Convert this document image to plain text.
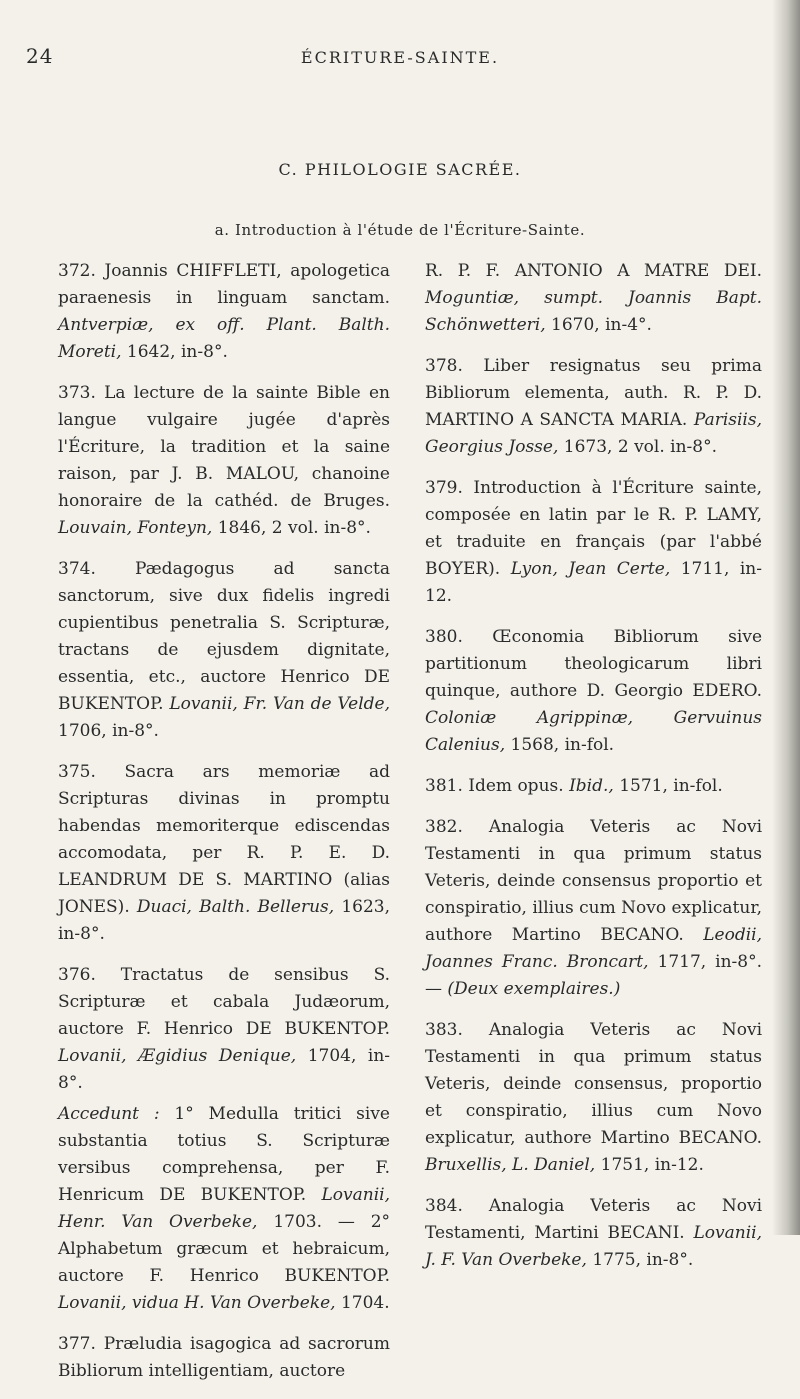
24	ÉCRITURE-SAINTE.
C. PHILOLOGIE SACRÉE.
a. Introduction à l'étude de l'Écriture-Sainte.

372. Joannis CHIFFLETI, apologetica paraenesis in linguam sanctam. Antverpiæ, ex off. Plant. Balth. Moreti, 1642, in-8°.

373. La lecture de la sainte Bible en langue vulgaire jugée d'après l'Écriture, la tradition et la saine raison, par J. B. MALOU, chanoine honoraire de la cathéd. de Bruges. Louvain, Fonteyn, 1846, 2 vol. in-8°.

374. Pædagogus ad sancta sanctorum, sive dux fidelis ingredi cupientibus penetralia S. Scripturæ, tractans de ejusdem dignitate, essentia, etc., auctore Henrico DE BUKENTOP. Lovanii, Fr. Van de Velde, 1706, in-8°.

375. Sacra ars memoriæ ad Scripturas divinas in promptu habendas memoriterque ediscendas accomodata, per R. P. E. D. LEANDRUM DE S. MARTINO (alias JONES). Duaci, Balth. Bellerus, 1623, in-8°.

376. Tractatus de sensibus S. Scripturæ et cabala Judæorum, auctore F. Henrico DE BUKENTOP. Lovanii, Ægidius Denique, 1704, in-8°.

Accedunt : 1° Medulla tritici sive substantia totius S. Scripturæ versibus comprehensa, per F. Henricum DE BUKENTOP. Lovanii, Henr. Van Overbeke, 1703. — 2° Alphabetum græcum et hebraicum, auctore F. Henrico BUKENTOP. Lovanii, vidua H. Van Overbeke, 1704.

377. Præludia isagogica ad sacrorum Bibliorum intelligentiam, auctore

R. P. F. ANTONIO A MATRE DEI. Moguntiæ, sumpt. Joannis Bapt. Schönwetteri, 1670, in-4°.

378. Liber resignatus seu prima Bibliorum elementa, auth. R. P. D. MARTINO A SANCTA MARIA. Parisiis, Georgius Josse, 1673, 2 vol. in-8°.

379. Introduction à l'Écriture sainte, composée en latin par le R. P. LAMY, et traduite en français (par l'abbé BOYER). Lyon, Jean Certe, 1711, in-12.

380. Œconomia Bibliorum sive partitionum theologicarum libri quinque, authore D. Georgio EDERO. Coloniæ Agrippinæ, Gervuinus Calenius, 1568, in-fol.

381. Idem opus. Ibid., 1571, in-fol.

382. Analogia Veteris ac Novi Testamenti in qua primum status Veteris, deinde consensus proportio et conspiratio, illius cum Novo explicatur, authore Martino BECANO. Leodii, Joannes Franc. Broncart, 1717, in-8°. — (Deux exemplaires.)

383. Analogia Veteris ac Novi Testamenti in qua primum status Veteris, deinde consensus, proportio et conspiratio, illius cum Novo explicatur, authore Martino BECANO. Bruxellis, L. Daniel, 1751, in-12.

384. Analogia Veteris ac Novi Testamenti, Martini BECANI. Lovanii, J. F. Van Overbeke, 1775, in-8°.
